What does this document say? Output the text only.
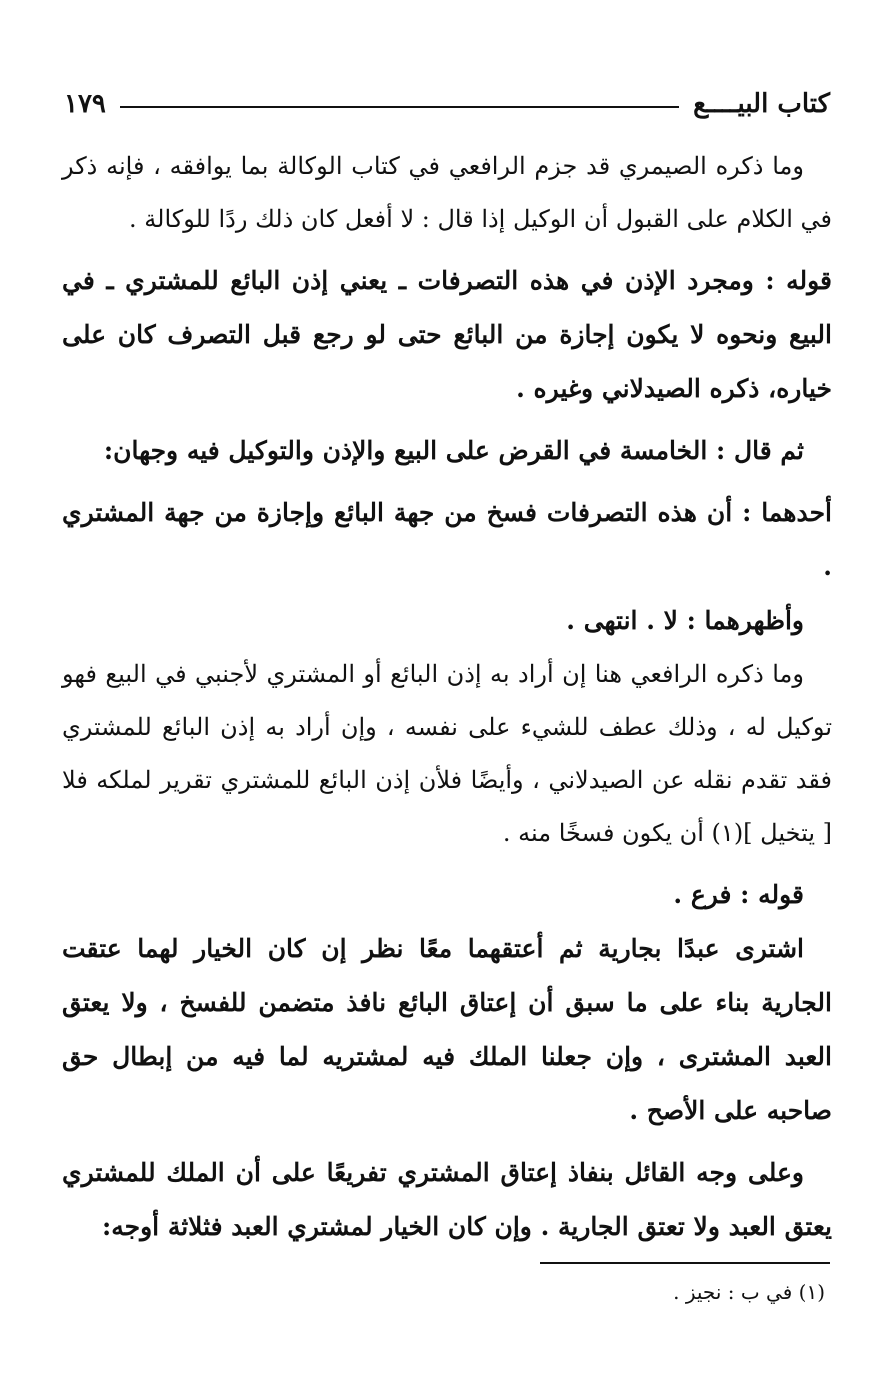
كتاب البيــــع
١٧٩

وما ذكره الصيمري قد جزم الرافعي في كتاب الوكالة بما يوافقه ، فإنه ذكر في الكلام على القبول أن الوكيل إذا قال : لا أفعل كان ذلك ردًا للوكالة .

قوله : ومجرد الإذن في هذه التصرفات ـ يعني إذن البائع للمشتري ـ في البيع ونحوه لا يكون إجازة من البائع حتى لو رجع قبل التصرف كان على خياره، ذكره الصيدلاني وغيره .

ثم قال : الخامسة في القرض على البيع والإذن والتوكيل فيه وجهان:

أحدهما : أن هذه التصرفات فسخ من جهة البائع وإجازة من جهة المشتري .

وأظهرهما : لا . انتهى .

وما ذكره الرافعي هنا إن أراد به إذن البائع أو المشتري لأجنبي في البيع فهو توكيل له ، وذلك عطف للشيء على نفسه ، وإن أراد به إذن البائع للمشتري فقد تقدم نقله عن الصيدلاني ، وأيضًا فلأن إذن البائع للمشتري تقرير لملكه فلا [ يتخيل ](١) أن يكون فسخًا منه .

قوله : فرع .

اشترى عبدًا بجارية ثم أعتقهما معًا نظر إن كان الخيار لهما عتقت الجارية بناء على ما سبق أن إعتاق البائع نافذ متضمن للفسخ ، ولا يعتق العبد المشترى ، وإن جعلنا الملك فيه لمشتريه لما فيه من إبطال حق صاحبه على الأصح .

وعلى وجه القائل بنفاذ إعتاق المشتري تفريعًا على أن الملك للمشتري يعتق العبد ولا تعتق الجارية . وإن كان الخيار لمشتري العبد فثلاثة أوجه:

(١) في ب : نجيز .
